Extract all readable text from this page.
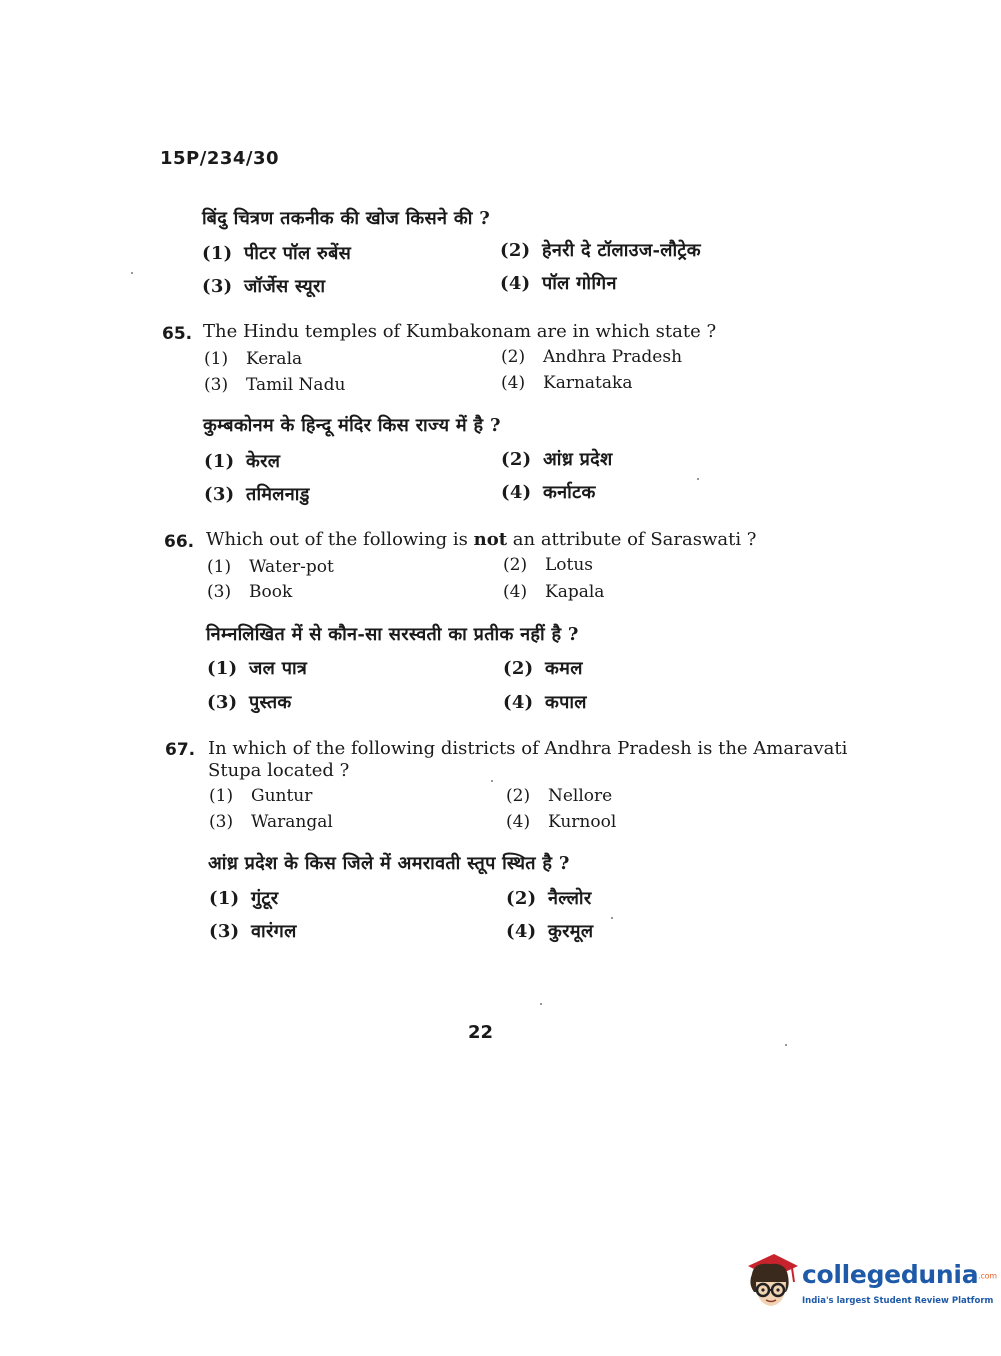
15P/234/30
बिंदु चित्रण तकनीक की खोज किसने की ?
(1) पीटर पॉल रुबेंस	(2) हेनरी दे टॉलाउज-लौट्रेक
(3) जॉर्जेस स्यूरा	(4) पॉल गोगिन
65. The Hindu temples of Kumbakonam are in which state ?
(1) Kerala	(2) Andhra Pradesh
(3) Tamil Nadu	(4) Karnataka
कुम्बकोनम के हिन्दू मंदिर किस राज्य में है ?
(1) केरल	(2) आंध्र प्रदेश
(3) तमिलनाडु	(4) कर्नाटक
66. Which out of the following is not an attribute of Saraswati ?
(1) Water-pot	(2) Lotus
(3) Book	(4) Kapala
निम्नलिखित में से कौन-सा सरस्वती का प्रतीक नहीं है ?
(1) जल पात्र	(2) कमल
(3) पुस्तक	(4) कपाल
67. In which of the following districts of Andhra Pradesh is the Amaravati
Stupa located ?
(1) Guntur	(2) Nellore
(3) Warangal	(4) Kurnool
आंध्र प्रदेश के किस जिले में अमरावती स्तूप स्थित है ?
(1) गुंटूर	(2) नैल्लोर
(3) वारंगल	(4) कुरमूल
22
collegedunia.com
India's largest Student Review Platform
